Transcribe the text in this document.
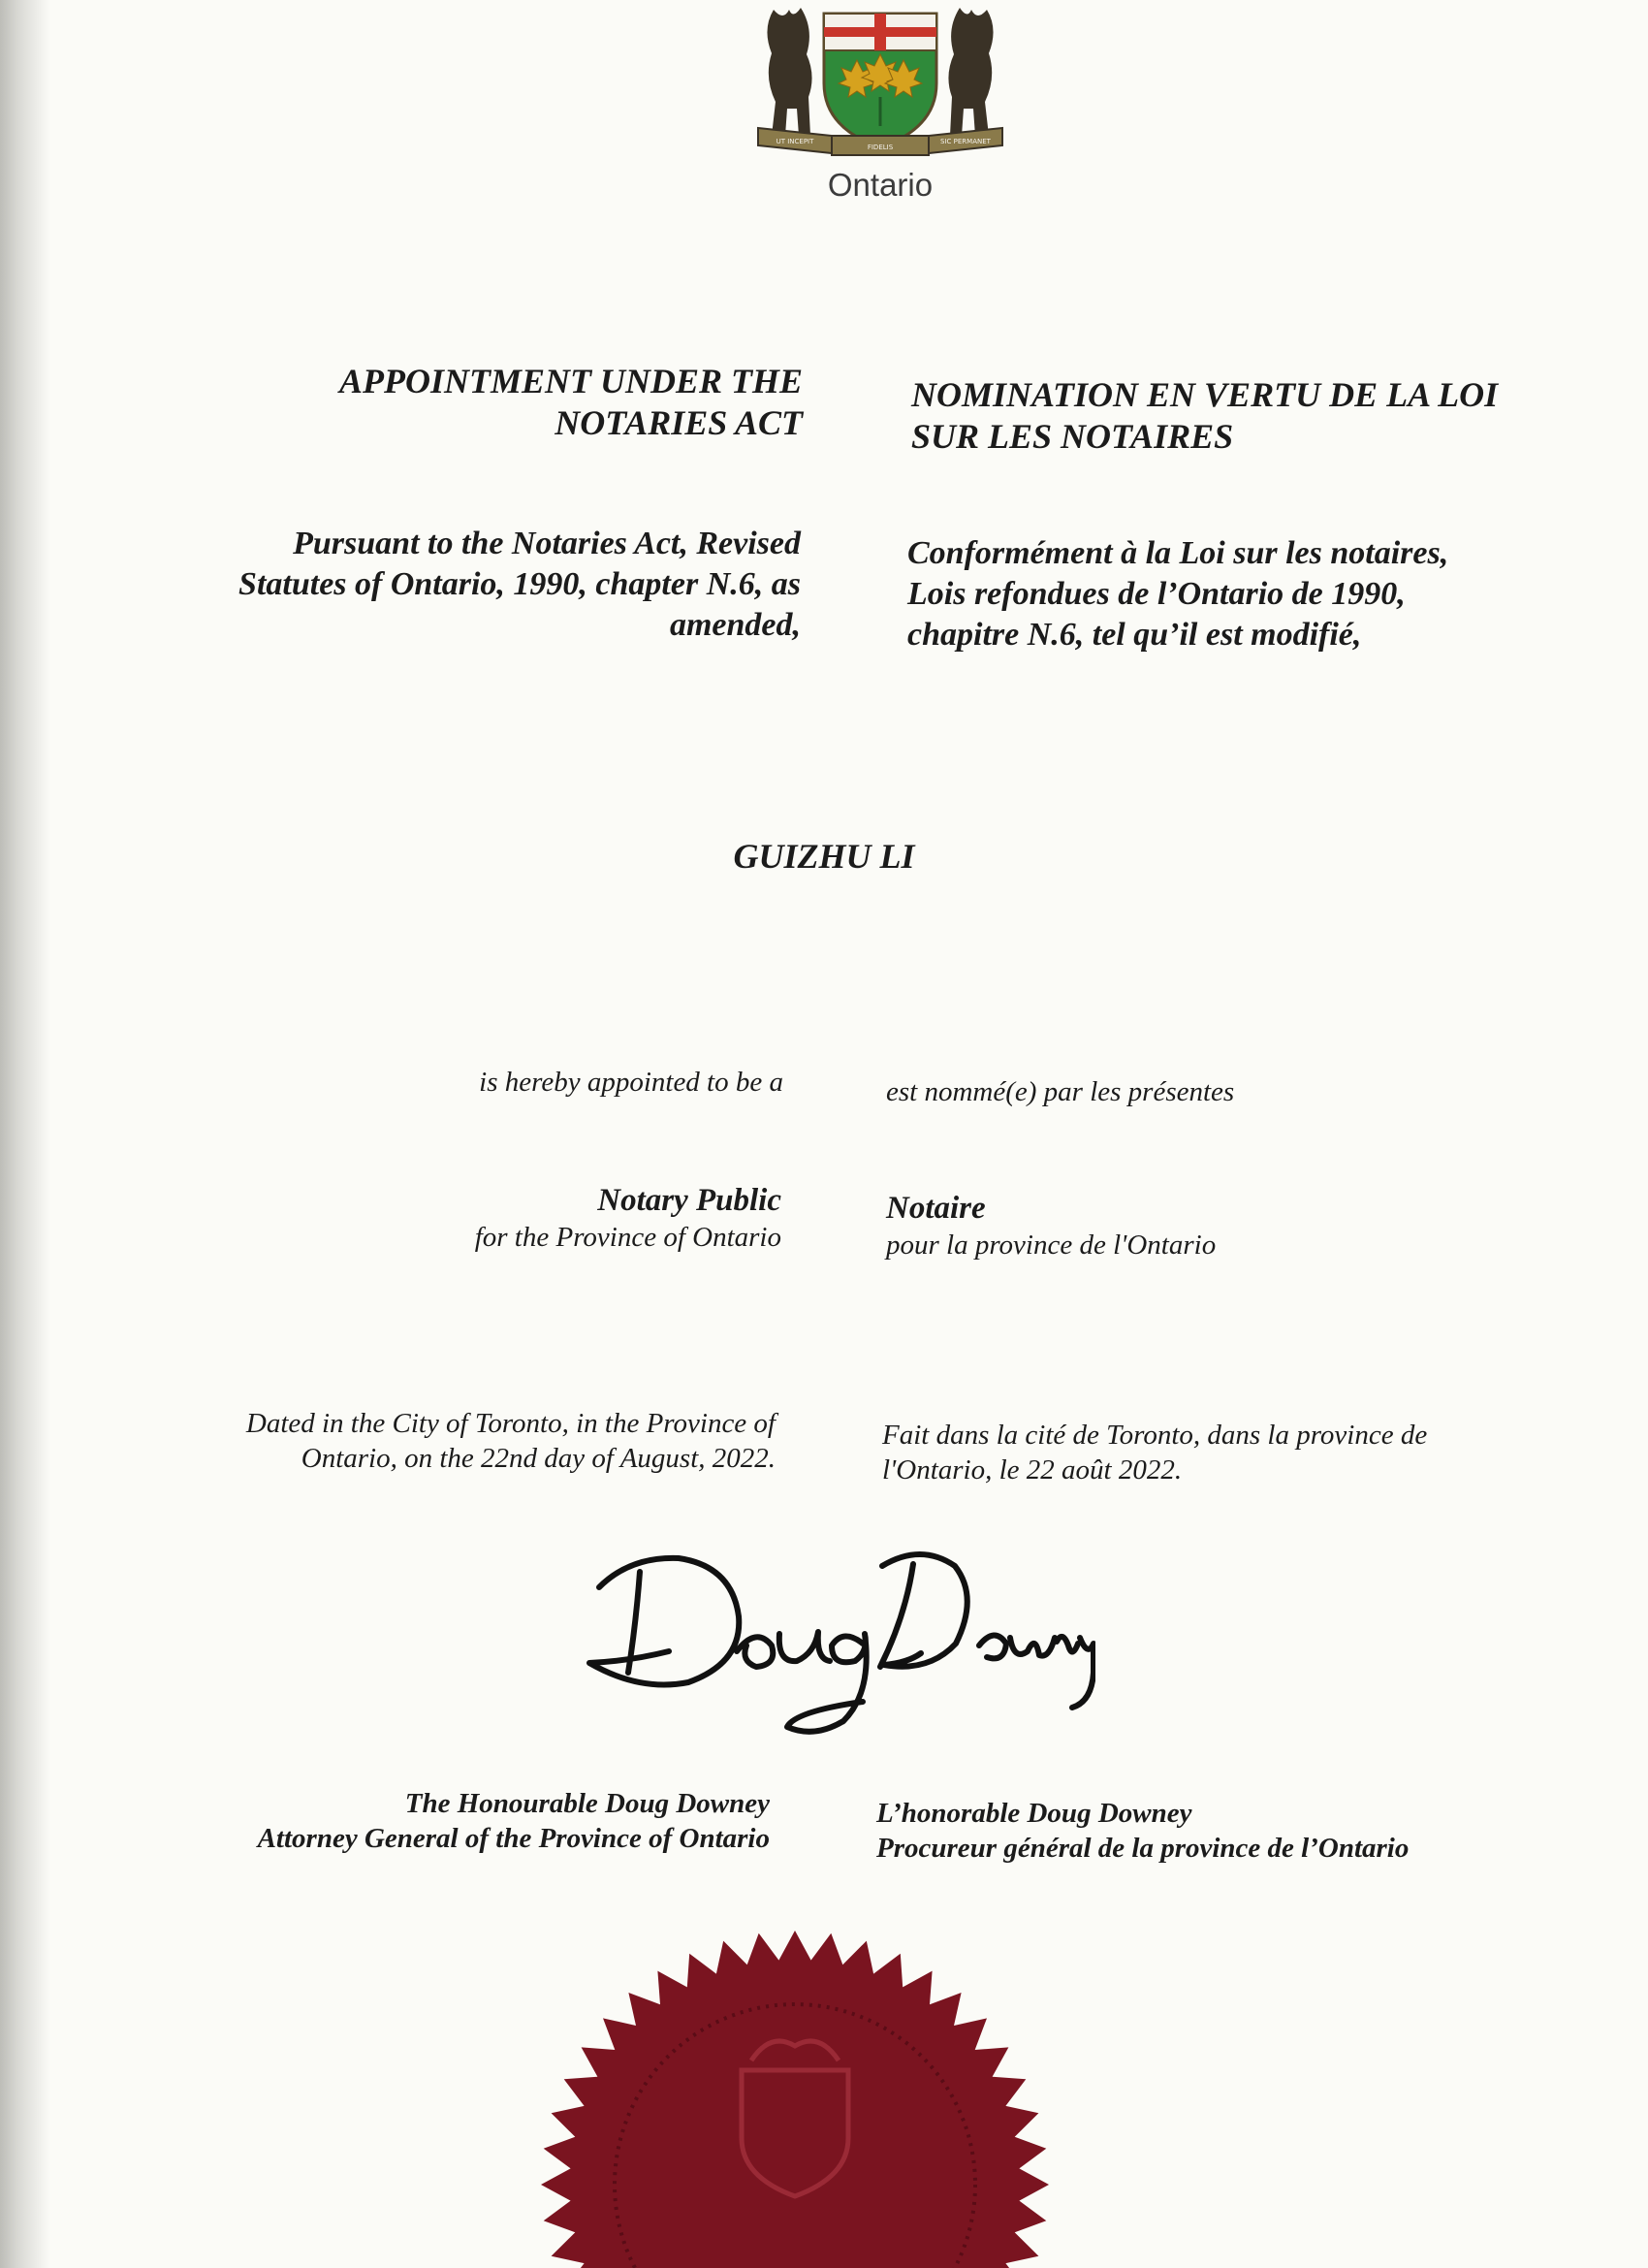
UT INCEPIT
FIDELIS
SIC PERMANET
Ontario
APPOINTMENT UNDER THE
NOTARIES ACT
NOMINATION EN VERTU DE LA LOI
SUR LES NOTAIRES
Pursuant to the Notaries Act, Revised
Statutes of Ontario, 1990, chapter N.6, as
amended,
Conformément à la Loi sur les notaires,
Lois refondues de l’Ontario de 1990,
chapitre N.6, tel qu’il est modifié,
GUIZHU LI
is hereby appointed to be a	est nommé(e) par les présentes
Notary Public
for the Province of Ontario
Notaire
pour la province de l'Ontario
Dated in the City of Toronto, in the Province of
Ontario, on the 22nd day of August, 2022.
Fait dans la cité de Toronto, dans la province de
l'Ontario, le 22 août 2022.
The Honourable Doug Downey
Attorney General of the Province of Ontario
L’honorable Doug Downey
Procureur général de la province de l’Ontario
